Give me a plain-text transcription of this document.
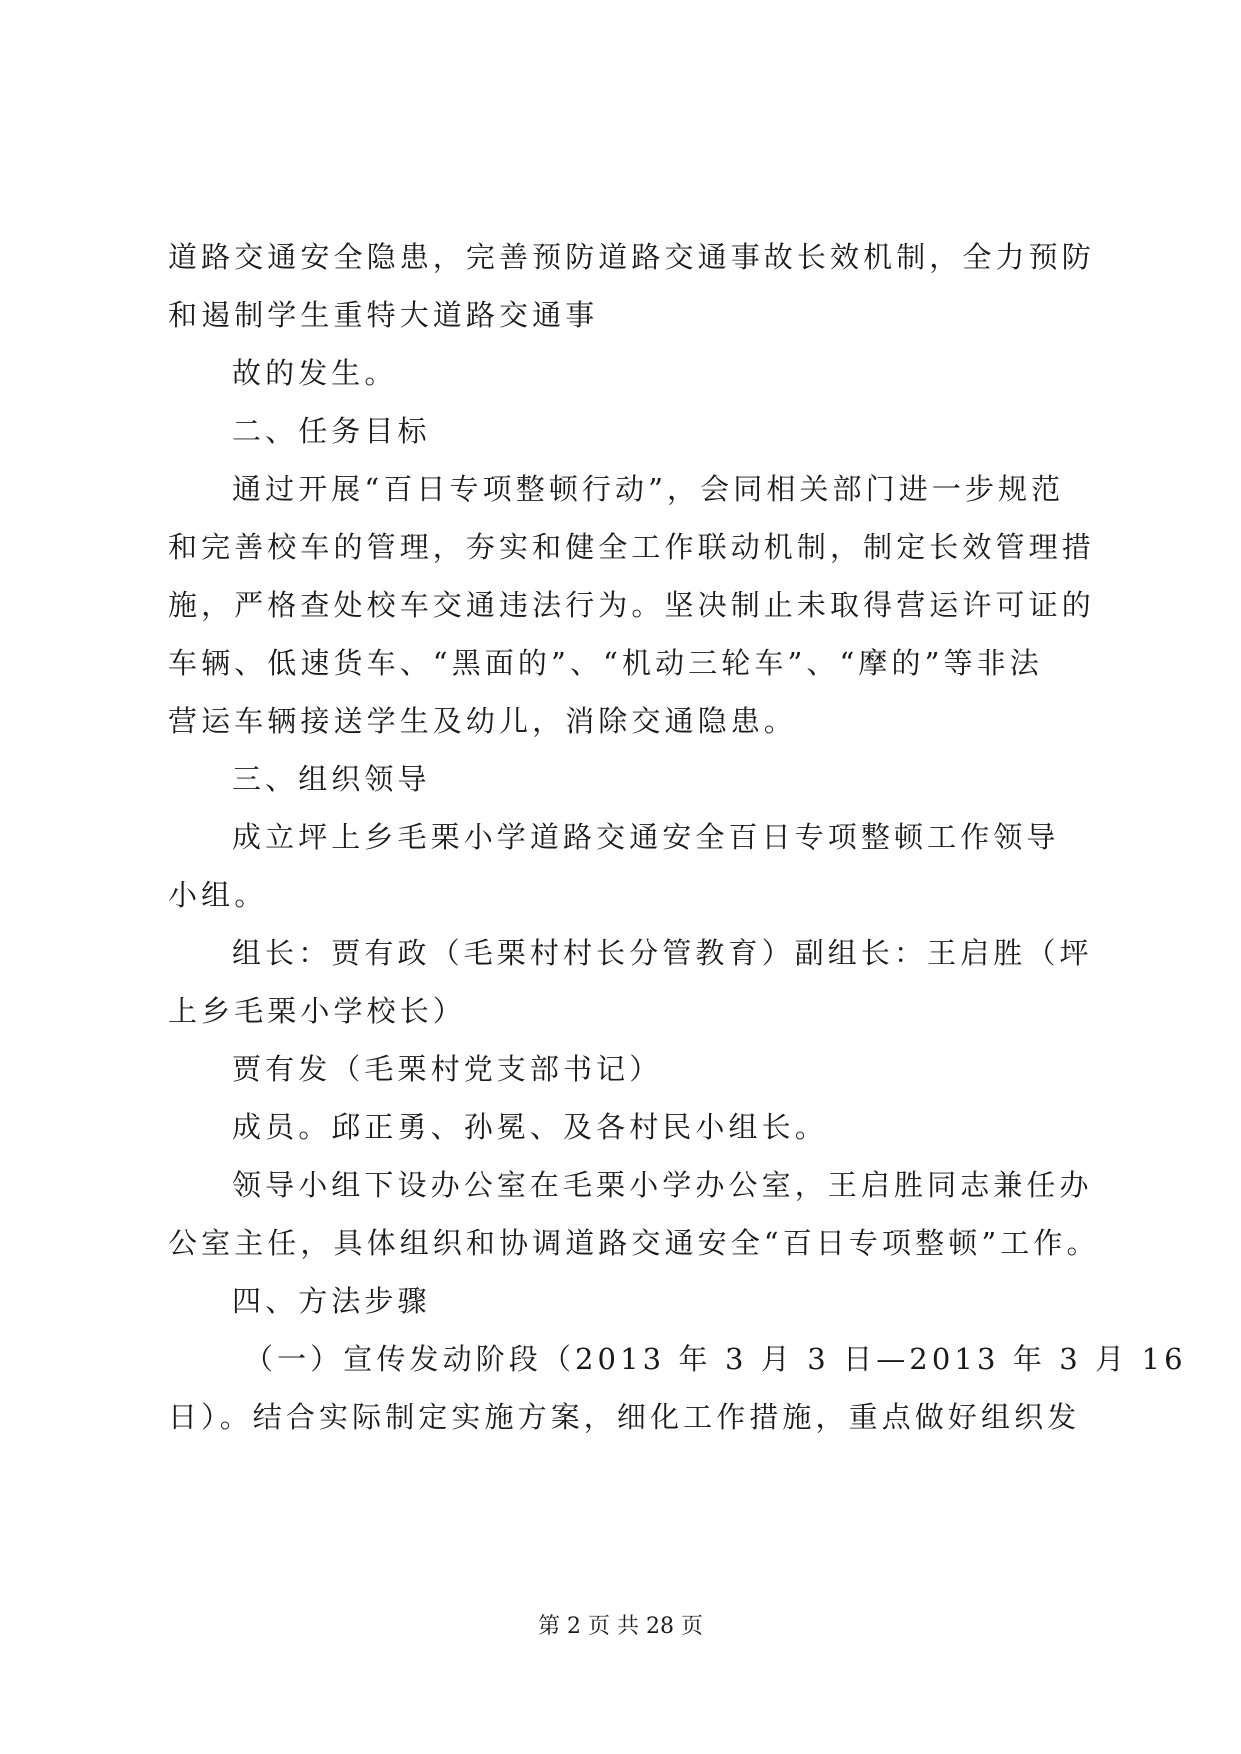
道路交通安全隐患，完善预防道路交通事故长效机制，全力预防
和遏制学生重特大道路交通事
故的发生。
二、任务目标
通过开展“百日专项整顿行动”，会同相关部门进一步规范
和完善校车的管理，夯实和健全工作联动机制，制定长效管理措
施，严格查处校车交通违法行为。坚决制止未取得营运许可证的
车辆、低速货车、“黑面的”、“机动三轮车”、“摩的”等非法
营运车辆接送学生及幼儿，消除交通隐患。
三、组织领导
成立坪上乡毛栗小学道路交通安全百日专项整顿工作领导
小组。
组长：贾有政（毛栗村村长分管教育）副组长：王启胜（坪
上乡毛栗小学校长）
贾有发（毛栗村党支部书记）
成员。邱正勇、孙冕、及各村民小组长。
领导小组下设办公室在毛栗小学办公室，王启胜同志兼任办
公室主任，具体组织和协调道路交通安全“百日专项整顿”工作。
四、方法步骤
（一）宣传发动阶段（2013 年 3 月 3 日—2013 年 3 月 16
日）。结合实际制定实施方案，细化工作措施，重点做好组织发
第 2 页 共 28 页
